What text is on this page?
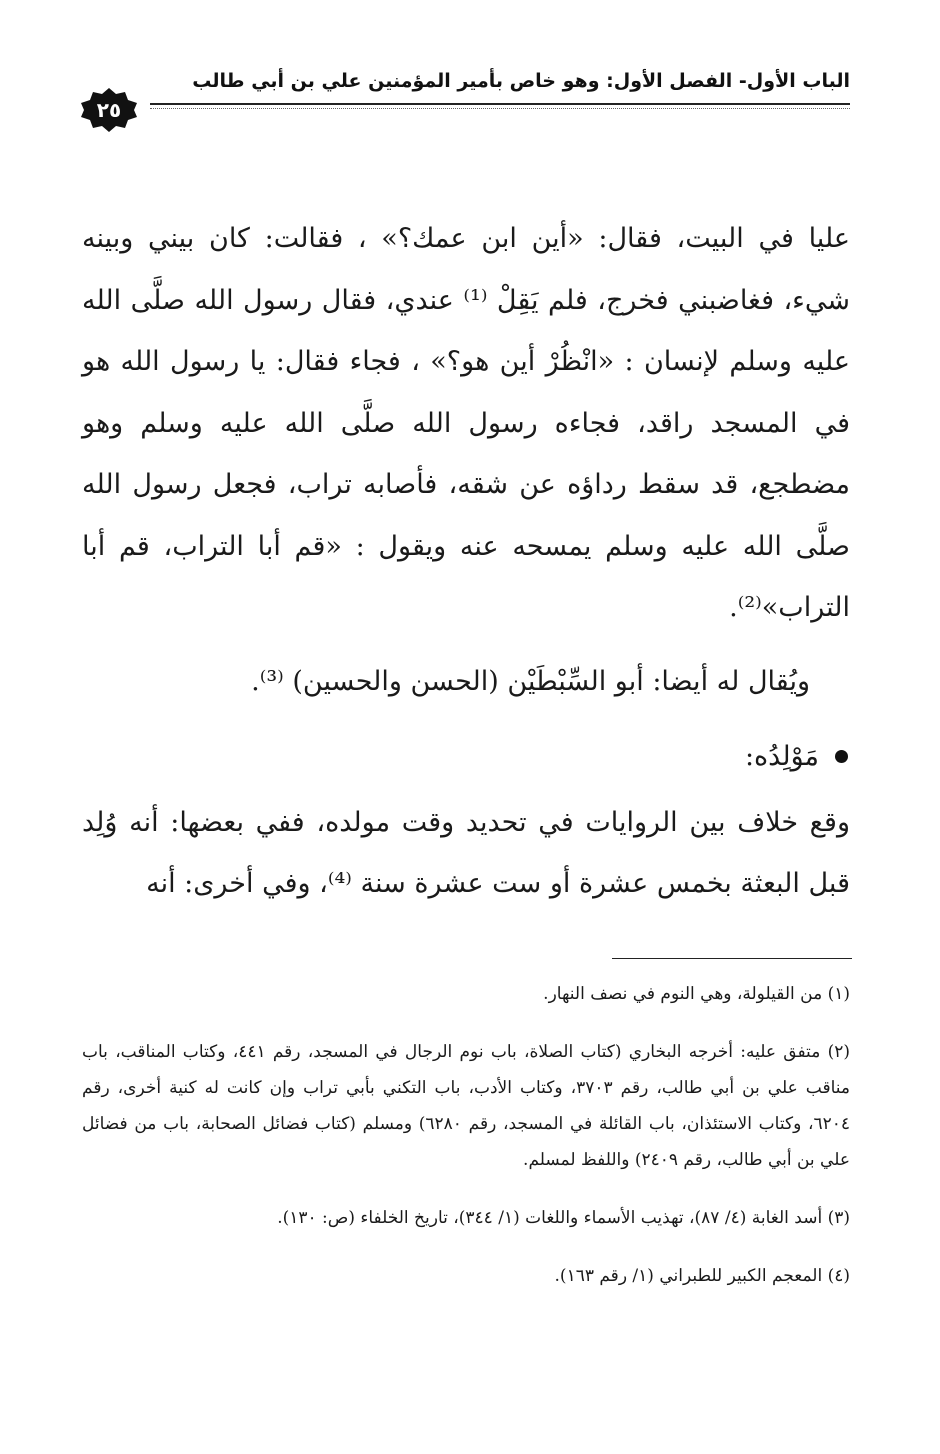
الباب الأول- الفصل الأول: وهو خاص بأمير المؤمنين علي بن أبي طالب
٢٥

عليا في البيت، فقال: «أين ابن عمك؟» ، فقالت: كان بيني وبينه شيء، فغاضبني فخرج، فلم يَقِلْ ⁽¹⁾ عندي، فقال رسول الله صلَّى الله عليه وسلم لإنسان : «انْظُرْ أين هو؟» ، فجاء فقال: يا رسول الله هو في المسجد راقد، فجاءه رسول الله صلَّى الله عليه وسلم وهو مضطجع، قد سقط رداؤه عن شقه، فأصابه تراب، فجعل رسول الله صلَّى الله عليه وسلم يمسحه عنه ويقول : «قم أبا التراب، قم أبا التراب»⁽²⁾.

ويُقال له أيضا: أبو السِّبْطَيْن (الحسن والحسين) ⁽³⁾.

مَوْلِدُه:

وقع خلاف بين الروايات في تحديد وقت مولده، ففي بعضها: أنه وُلِد قبل البعثة بخمس عشرة أو ست عشرة سنة ⁽⁴⁾، وفي أخرى: أنه

(١) من القيلولة، وهي النوم في نصف النهار.

(٢) متفق عليه: أخرجه البخاري (كتاب الصلاة، باب نوم الرجال في المسجد، رقم ٤٤١، وكتاب المناقب، باب مناقب علي بن أبي طالب، رقم ٣٧٠٣، وكتاب الأدب، باب التكني بأبي تراب وإن كانت له كنية أخرى، رقم ٦٢٠٤، وكتاب الاستئذان، باب القائلة في المسجد، رقم ٦٢٨٠) ومسلم (كتاب فضائل الصحابة، باب من فضائل علي بن أبي طالب، رقم ٢٤٠٩) واللفظ لمسلم.

(٣) أسد الغابة (٤/ ٨٧)، تهذيب الأسماء واللغات (١/ ٣٤٤)، تاريخ الخلفاء (ص: ١٣٠).

(٤) المعجم الكبير للطبراني (١/ رقم ١٦٣).
